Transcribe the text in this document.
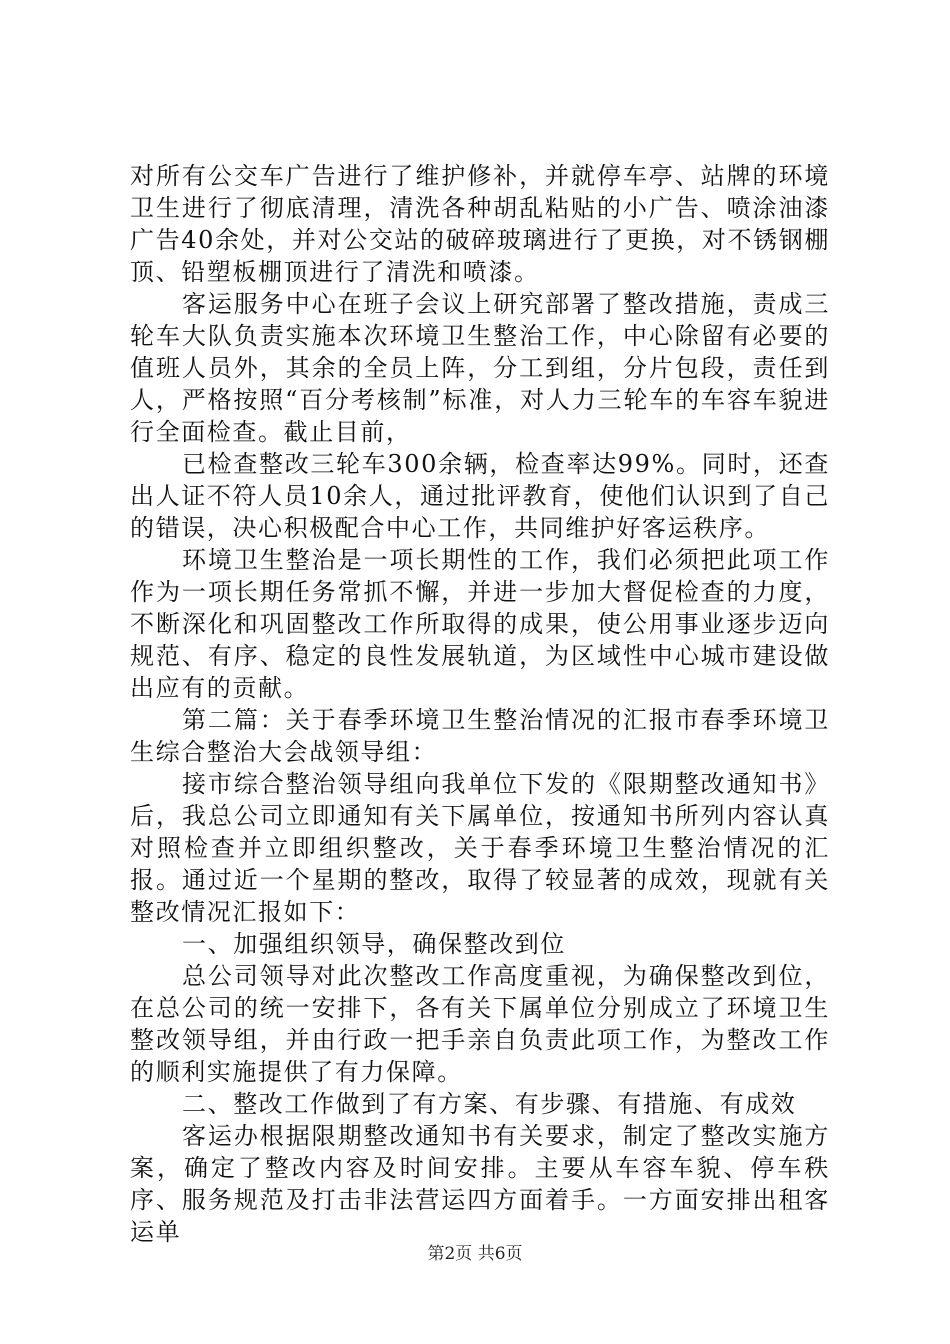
对所有公交车广告进行了维护修补，并就停车亭、站牌的环境卫生进行了彻底清理，清洗各种胡乱粘贴的小广告、喷涂油漆广告40余处，并对公交站的破碎玻璃进行了更换，对不锈钢棚顶、铅塑板棚顶进行了清洗和喷漆。

客运服务中心在班子会议上研究部署了整改措施，责成三轮车大队负责实施本次环境卫生整治工作，中心除留有必要的值班人员外，其余的全员上阵，分工到组，分片包段，责任到人，严格按照“百分考核制”标准，对人力三轮车的车容车貌进行全面检查。截止目前，

已检查整改三轮车300余辆，检查率达99%。同时，还查出人证不符人员10余人，通过批评教育，使他们认识到了自己的错误，决心积极配合中心工作，共同维护好客运秩序。

环境卫生整治是一项长期性的工作，我们必须把此项工作作为一项长期任务常抓不懈，并进一步加大督促检查的力度，不断深化和巩固整改工作所取得的成果，使公用事业逐步迈向规范、有序、稳定的良性发展轨道，为区域性中心城市建设做出应有的贡献。

第二篇：关于春季环境卫生整治情况的汇报市春季环境卫生综合整治大会战领导组：

接市综合整治领导组向我单位下发的《限期整改通知书》后，我总公司立即通知有关下属单位，按通知书所列内容认真对照检查并立即组织整改，关于春季环境卫生整治情况的汇报。通过近一个星期的整改，取得了较显著的成效，现就有关整改情况汇报如下：

一、加强组织领导，确保整改到位

总公司领导对此次整改工作高度重视，为确保整改到位，在总公司的统一安排下，各有关下属单位分别成立了环境卫生整改领导组，并由行政一把手亲自负责此项工作，为整改工作的顺利实施提供了有力保障。

二、整改工作做到了有方案、有步骤、有措施、有成效

客运办根据限期整改通知书有关要求，制定了整改实施方案，确定了整改内容及时间安排。主要从车容车貌、停车秩序、服务规范及打击非法营运四方面着手。一方面安排出租客运单

第2页 共6页
